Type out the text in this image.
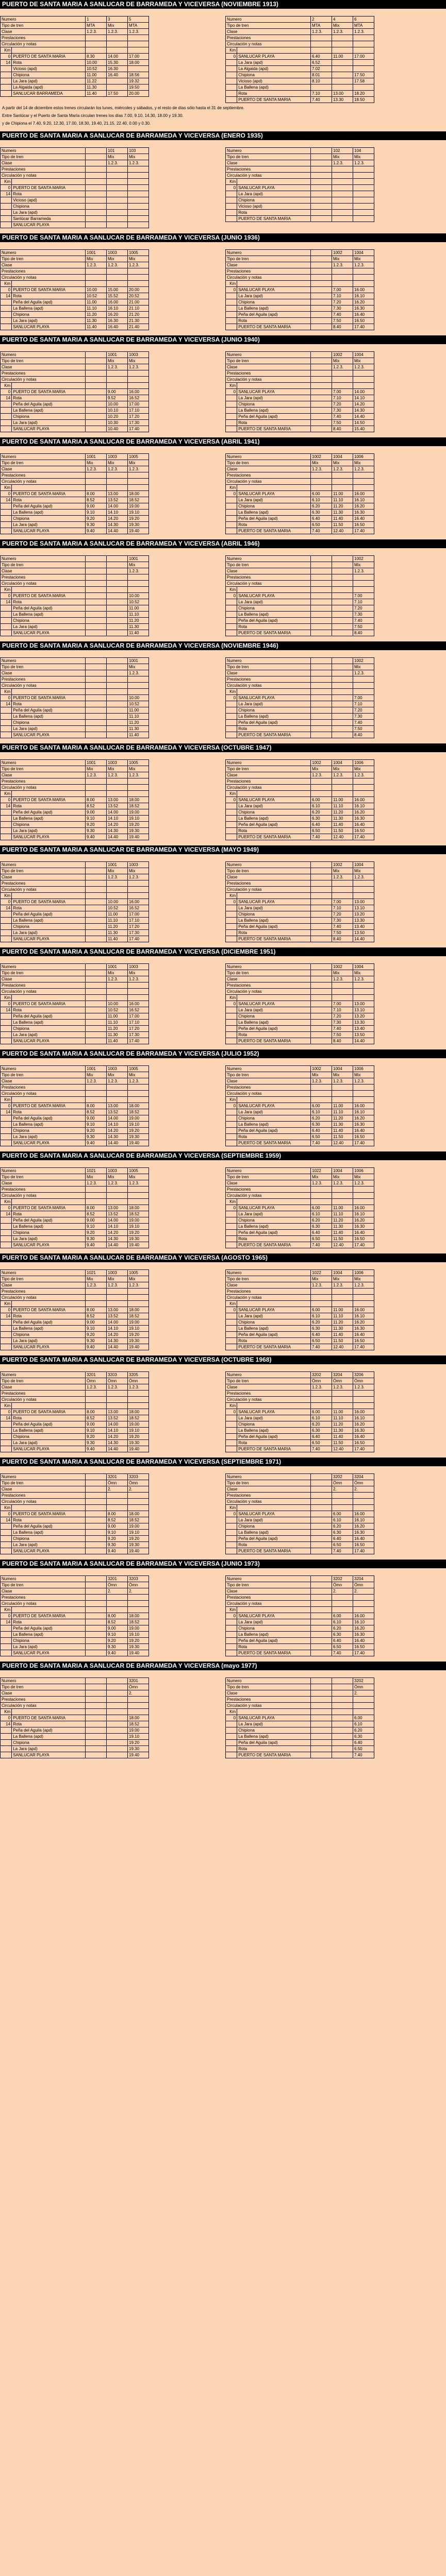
PUERTO DE SANTA MARIA A SANLUCAR DE BARRAMEDA Y VICEVERSA (NOVIEMBRE 1913)
Numero		1	3	5
Tipo de tren		MTA	Mix	MTA
Clase		1.2.3.	1.2.3.	1.2.3.
Prestaciones				
Circulación y notas				
Km				
0	PUERTO DE SANTA MARIA	8.30	14.00	17.00
14	Rota	10.00	15.30	18.00
	Vicioso (apd)	10.52	16.30	
	Chipiona	11.00	16.40	18.56
	La Jara (apd)	11.22		19.32
	La Algaida (apd)	11.30		19.50
	SANLUCAR BARRAMEDA	11.40	17.50	20.00
Numero		2	4	6
Tipo de tren		MTA	Mix	MTA
Clase		1.2.3.	1.2.3.	1.2.3.
Prestaciones				
Circulación y notas				
Km				
0	SANLUCAR PLAYA	6.40	11.00	17.00
	La Jara (apd)	6.52		
	La Algaida (apd)	7.02		
	Chipiona	8.01		17.50
	Vicioso (apd)	8.10		17.58
	La Ballena (apd)			
	Rota	7.10	13.00	18.20
	PUERTO DE SANTA MARIA	7.40	13.30	18.50
A partir del 14 de diciembre estos trenes circularán los lunes, miércoles y sábados, y el resto de días sólo hasta el 31 de septiembre.
Entre Sanlúcar y el Puerto de Santa María circulan trenes los días 7.00, 9.10, 14.30, 18.00 y 19.30.
y de Chipiona el 7.40, 9.20, 12.30, 17.00, 18.30, 19.40, 21.15, 22.40, 0.00 y 0.30.
PUERTO DE SANTA MARIA A SANLUCAR DE BARRAMEDA Y VICEVERSA (ENERO 1935)
Numero			101	103
Tipo de tren			Mix	Mix
Clase			1.2.3.	1.2.3.
Prestaciones				
Circulación y notas				
Km				
0	PUERTO DE SANTA MARIA			
14	Rota			
	Vicioso (apd)			
	Chipiona			
	La Jara (apd)			
	Sanlúcar Barrameda			
	SANLUCAR PLAYA			
Numero			102	104
Tipo de tren			Mix	Mix
Clase			1.2.3.	1.2.3.
Prestaciones				
Circulación y notas				
Km				
0	SANLUCAR PLAYA			
	La Jara (apd)			
	Chipiona			
	Vicioso (apd)			
	Rota			
	PUERTO DE SANTA MARIA			
PUERTO DE SANTA MARIA A SANLUCAR DE BARRAMEDA Y VICEVERSA (JUNIO 1936)
Numero		1001	1003	1005
Tipo de tren		Mix	Mix	Mix
Clase		1.2.3.	1.2.3.	1.2.3.
Prestaciones				
Circulación y notas				
Km				
0	PUERTO DE SANTA MARIA	10.00	15.00	20.00
14	Rota	10.52	15.52	20.52
	Peña del Aguila (apd)	11.00	16.00	21.00
	La Ballena (apd)	11.10	16.10	21.10
	Chipiona	11.20	16.20	21.20
	La Jara (apd)	11.30	16.30	21.30
	SANLUCAR PLAYA	11.40	16.40	21.40
Numero			1002	1004
Tipo de tren			Mix	Mix
Clase			1.2.3.	1.2.3.
Prestaciones				
Circulación y notas				
Km				
0	SANLUCAR PLAYA		7.00	16.00
	La Jara (apd)		7.10	16.10
	Chipiona		7.20	16.20
	La Ballena (apd)		7.30	16.30
	Peña del Aguila (apd)		7.40	16.40
	Rota		7.50	16.50
	PUERTO DE SANTA MARIA		8.40	17.40
PUERTO DE SANTA MARIA A SANLUCAR DE BARRAMEDA Y VICEVERSA (JUNIO 1940)
Numero			1001	1003
Tipo de tren			Mix	Mix
Clase			1.2.3.	1.2.3.
Prestaciones				
Circulación y notas				
Km				
0	PUERTO DE SANTA MARIA		9.00	16.00
14	Rota		9.52	16.52
	Peña del Aguila (apd)		10.00	17.00
	La Ballena (apd)		10.10	17.10
	Chipiona		10.20	17.20
	La Jara (apd)		10.30	17.30
	SANLUCAR PLAYA		10.40	17.40
Numero			1002	1004
Tipo de tren			Mix	Mix
Clase			1.2.3.	1.2.3.
Prestaciones				
Circulación y notas				
Km				
0	SANLUCAR PLAYA		7.00	14.00
	La Jara (apd)		7.10	14.10
	Chipiona		7.20	14.20
	La Ballena (apd)		7.30	14.30
	Peña del Aguila (apd)		7.40	14.40
	Rota		7.50	14.50
	PUERTO DE SANTA MARIA		8.40	15.40
PUERTO DE SANTA MARIA A SANLUCAR DE BARRAMEDA Y VICEVERSA (ABRIL 1941)
Numero		1001	1003	1005
Tipo de tren		Mix	Mix	Mix
Clase		1.2.3.	1.2.3.	1.2.3.
Prestaciones				
Circulación y notas				
Km				
0	PUERTO DE SANTA MARIA	8.00	13.00	18.00
14	Rota	8.52	13.52	18.52
	Peña del Aguila (apd)	9.00	14.00	19.00
	La Ballena (apd)	9.10	14.10	19.10
	Chipiona	9.20	14.20	19.20
	La Jara (apd)	9.30	14.30	19.30
	SANLUCAR PLAYA	9.40	14.40	19.40
Numero		1002	1004	1006
Tipo de tren		Mix	Mix	Mix
Clase		1.2.3.	1.2.3.	1.2.3.
Prestaciones				
Circulación y notas				
Km				
0	SANLUCAR PLAYA	6.00	11.00	16.00
	La Jara (apd)	6.10	11.10	16.10
	Chipiona	6.20	11.20	16.20
	La Ballena (apd)	6.30	11.30	16.30
	Peña del Aguila (apd)	6.40	11.40	16.40
	Rota	6.50	11.50	16.50
	PUERTO DE SANTA MARIA	7.40	12.40	17.40
PUERTO DE SANTA MARIA A SANLUCAR DE BARRAMEDA Y VICEVERSA (ABRIL 1946)
Numero				1001
Tipo de tren				Mix
Clase				1.2.3.
Prestaciones				
Circulación y notas				
Km				
0	PUERTO DE SANTA MARIA			10.00
14	Rota			10.52
	Peña del Aguila (apd)			11.00
	La Ballena (apd)			11.10
	Chipiona			11.20
	La Jara (apd)			11.30
	SANLUCAR PLAYA			11.40
Numero				1002
Tipo de tren				Mix
Clase				1.2.3.
Prestaciones				
Circulación y notas				
Km				
0	SANLUCAR PLAYA			7.00
	La Jara (apd)			7.10
	Chipiona			7.20
	La Ballena (apd)			7.30
	Peña del Aguila (apd)			7.40
	Rota			7.50
	PUERTO DE SANTA MARIA			8.40
PUERTO DE SANTA MARIA A SANLUCAR DE BARRAMEDA Y VICEVERSA (NOVIEMBRE 1946)
Numero				1001
Tipo de tren				Mix
Clase				1.2.3.
Prestaciones				
Circulación y notas				
Km				
0	PUERTO DE SANTA MARIA			10.00
14	Rota			10.52
	Peña del Aguila (apd)			11.00
	La Ballena (apd)			11.10
	Chipiona			11.20
	La Jara (apd)			11.30
	SANLUCAR PLAYA			11.40
Numero				1002
Tipo de tren				Mix
Clase				1.2.3.
Prestaciones				
Circulación y notas				
Km				
0	SANLUCAR PLAYA			7.00
	La Jara (apd)			7.10
	Chipiona			7.20
	La Ballena (apd)			7.30
	Peña del Aguila (apd)			7.40
	Rota			7.50
	PUERTO DE SANTA MARIA			8.40
PUERTO DE SANTA MARIA A SANLUCAR DE BARRAMEDA Y VICEVERSA (OCTUBRE 1947)
Numero		1001	1003	1005
Tipo de tren		Mix	Mix	Mix
Clase		1.2.3.	1.2.3.	1.2.3.
Prestaciones				
Circulación y notas				
Km				
0	PUERTO DE SANTA MARIA	8.00	13.00	18.00
14	Rota	8.52	13.52	18.52
	Peña del Aguila (apd)	9.00	14.00	19.00
	La Ballena (apd)	9.10	14.10	19.10
	Chipiona	9.20	14.20	19.20
	La Jara (apd)	9.30	14.30	19.30
	SANLUCAR PLAYA	9.40	14.40	19.40
Numero		1002	1004	1006
Tipo de tren		Mix	Mix	Mix
Clase		1.2.3.	1.2.3.	1.2.3.
Prestaciones				
Circulación y notas				
Km				
0	SANLUCAR PLAYA	6.00	11.00	16.00
	La Jara (apd)	6.10	11.10	16.10
	Chipiona	6.20	11.20	16.20
	La Ballena (apd)	6.30	11.30	16.30
	Peña del Aguila (apd)	6.40	11.40	16.40
	Rota	6.50	11.50	16.50
	PUERTO DE SANTA MARIA	7.40	12.40	17.40
PUERTO DE SANTA MARIA A SANLUCAR DE BARRAMEDA Y VICEVERSA (MAYO 1949)
Numero			1001	1003
Tipo de tren			Mix	Mix
Clase			1.2.3.	1.2.3.
Prestaciones				
Circulación y notas				
Km				
0	PUERTO DE SANTA MARIA		10.00	16.00
14	Rota		10.52	16.52
	Peña del Aguila (apd)		11.00	17.00
	La Ballena (apd)		11.10	17.10
	Chipiona		11.20	17.20
	La Jara (apd)		11.30	17.30
	SANLUCAR PLAYA		11.40	17.40
Numero			1002	1004
Tipo de tren			Mix	Mix
Clase			1.2.3.	1.2.3.
Prestaciones				
Circulación y notas				
Km				
0	SANLUCAR PLAYA		7.00	13.00
	La Jara (apd)		7.10	13.10
	Chipiona		7.20	13.20
	La Ballena (apd)		7.30	13.30
	Peña del Aguila (apd)		7.40	13.40
	Rota		7.50	13.50
	PUERTO DE SANTA MARIA		8.40	14.40
PUERTO DE SANTA MARIA A SANLUCAR DE BARRAMEDA Y VICEVERSA (DICIEMBRE 1951)
Numero			1001	1003
Tipo de tren			Mix	Mix
Clase			1.2.3.	1.2.3.
Prestaciones				
Circulación y notas				
Km				
0	PUERTO DE SANTA MARIA		10.00	16.00
14	Rota		10.52	16.52
	Peña del Aguila (apd)		11.00	17.00
	La Ballena (apd)		11.10	17.10
	Chipiona		11.20	17.20
	La Jara (apd)		11.30	17.30
	SANLUCAR PLAYA		11.40	17.40
Numero			1002	1004
Tipo de tren			Mix	Mix
Clase			1.2.3.	1.2.3.
Prestaciones				
Circulación y notas				
Km				
0	SANLUCAR PLAYA		7.00	13.00
	La Jara (apd)		7.10	13.10
	Chipiona		7.20	13.20
	La Ballena (apd)		7.30	13.30
	Peña del Aguila (apd)		7.40	13.40
	Rota		7.50	13.50
	PUERTO DE SANTA MARIA		8.40	14.40
PUERTO DE SANTA MARIA A SANLUCAR DE BARRAMEDA Y VICEVERSA (JULIO 1952)
Numero		1001	1003	1005
Tipo de tren		Mix	Mix	Mix
Clase		1.2.3.	1.2.3.	1.2.3.
Prestaciones				
Circulación y notas				
Km				
0	PUERTO DE SANTA MARIA	8.00	13.00	18.00
14	Rota	8.52	13.52	18.52
	Peña del Aguila (apd)	9.00	14.00	19.00
	La Ballena (apd)	9.10	14.10	19.10
	Chipiona	9.20	14.20	19.20
	La Jara (apd)	9.30	14.30	19.30
	SANLUCAR PLAYA	9.40	14.40	19.40
Numero		1002	1004	1006
Tipo de tren		Mix	Mix	Mix
Clase		1.2.3.	1.2.3.	1.2.3.
Prestaciones				
Circulación y notas				
Km				
0	SANLUCAR PLAYA	6.00	11.00	16.00
	La Jara (apd)	6.10	11.10	16.10
	Chipiona	6.20	11.20	16.20
	La Ballena (apd)	6.30	11.30	16.30
	Peña del Aguila (apd)	6.40	11.40	16.40
	Rota	6.50	11.50	16.50
	PUERTO DE SANTA MARIA	7.40	12.40	17.40
PUERTO DE SANTA MARIA A SANLUCAR DE BARRAMEDA Y VICEVERSA (SEPTIEMBRE 1959)
Numero		1021	1003	1005
Tipo de tren		Mix	Mix	Mix
Clase		1.2.3.	1.2.3.	1.2.3.
Prestaciones				
Circulación y notas				
Km				
0	PUERTO DE SANTA MARIA	8.00	13.00	18.00
14	Rota	8.52	13.52	18.52
	Peña del Aguila (apd)	9.00	14.00	19.00
	La Ballena (apd)	9.10	14.10	19.10
	Chipiona	9.20	14.20	19.20
	La Jara (apd)	9.30	14.30	19.30
	SANLUCAR PLAYA	9.40	14.40	19.40
Numero		1022	1004	1006
Tipo de tren		Mix	Mix	Mix
Clase		1.2.3.	1.2.3.	1.2.3.
Prestaciones				
Circulación y notas				
Km				
0	SANLUCAR PLAYA	6.00	11.00	16.00
	La Jara (apd)	6.10	11.10	16.10
	Chipiona	6.20	11.20	16.20
	La Ballena (apd)	6.30	11.30	16.30
	Peña del Aguila (apd)	6.40	11.40	16.40
	Rota	6.50	11.50	16.50
	PUERTO DE SANTA MARIA	7.40	12.40	17.40
PUERTO DE SANTA MARIA A SANLUCAR DE BARRAMEDA Y VICEVERSA (AGOSTO 1965)
Numero		1021	1003	1005
Tipo de tren		Mix	Mix	Mix
Clase		1.2.3.	1.2.3.	1.2.3.
Prestaciones				
Circulación y notas				
Km				
0	PUERTO DE SANTA MARIA	8.00	13.00	18.00
14	Rota	8.52	13.52	18.52
	Peña del Aguila (apd)	9.00	14.00	19.00
	La Ballena (apd)	9.10	14.10	19.10
	Chipiona	9.20	14.20	19.20
	La Jara (apd)	9.30	14.30	19.30
	SANLUCAR PLAYA	9.40	14.40	19.40
Numero		1022	1004	1006
Tipo de tren		Mix	Mix	Mix
Clase		1.2.3.	1.2.3.	1.2.3.
Prestaciones				
Circulación y notas				
Km				
0	SANLUCAR PLAYA	6.00	11.00	16.00
	La Jara (apd)	6.10	11.10	16.10
	Chipiona	6.20	11.20	16.20
	La Ballena (apd)	6.30	11.30	16.30
	Peña del Aguila (apd)	6.40	11.40	16.40
	Rota	6.50	11.50	16.50
	PUERTO DE SANTA MARIA	7.40	12.40	17.40
PUERTO DE SANTA MARIA A SANLUCAR DE BARRAMEDA Y VICEVERSA (OCTUBRE 1968)
Numero		3201	3203	3205
Tipo de tren		Ómn	Ómn	Ómn
Clase		1.2.3.	1.2.3.	1.2.3.
Prestaciones				
Circulación y notas				
Km				
0	PUERTO DE SANTA MARIA	8.00	13.00	18.00
14	Rota	8.52	13.52	18.52
	Peña del Aguila (apd)	9.00	14.00	19.00
	La Ballena (apd)	9.10	14.10	19.10
	Chipiona	9.20	14.20	19.20
	La Jara (apd)	9.30	14.30	19.30
	SANLUCAR PLAYA	9.40	14.40	19.40
Numero		3202	3204	3206
Tipo de tren		Ómn	Ómn	Ómn
Clase		1.2.3.	1.2.3.	1.2.3.
Prestaciones				
Circulación y notas				
Km				
0	SANLUCAR PLAYA	6.00	11.00	16.00
	La Jara (apd)	6.10	11.10	16.10
	Chipiona	6.20	11.20	16.20
	La Ballena (apd)	6.30	11.30	16.30
	Peña del Aguila (apd)	6.40	11.40	16.40
	Rota	6.50	11.50	16.50
	PUERTO DE SANTA MARIA	7.40	12.40	17.40
PUERTO DE SANTA MARIA A SANLUCAR DE BARRAMEDA Y VICEVERSA (SEPTIEMBRE 1971)
Numero			3201	3203
Tipo de tren			Ómn	Ómn
Clase			2.	2.
Prestaciones				
Circulación y notas				
Km				
0	PUERTO DE SANTA MARIA		8.00	18.00
14	Rota		8.52	18.52
	Peña del Aguila (apd)		9.00	19.00
	La Ballena (apd)		9.10	19.10
	Chipiona		9.20	19.20
	La Jara (apd)		9.30	19.30
	SANLUCAR PLAYA		9.40	19.40
Numero			3202	3204
Tipo de tren			Ómn	Ómn
Clase			2.	2.
Prestaciones				
Circulación y notas				
Km				
0	SANLUCAR PLAYA		6.00	16.00
	La Jara (apd)		6.10	16.10
	Chipiona		6.20	16.20
	La Ballena (apd)		6.30	16.30
	Peña del Aguila (apd)		6.40	16.40
	Rota		6.50	16.50
	PUERTO DE SANTA MARIA		7.40	17.40
PUERTO DE SANTA MARIA A SANLUCAR DE BARRAMEDA Y VICEVERSA (JUNIO 1973)
Numero			3201	3203
Tipo de tren			Ómn	Ómn
Clase			2.	2.
Prestaciones				
Circulación y notas				
Km				
0	PUERTO DE SANTA MARIA		8.00	18.00
14	Rota		8.52	18.52
	Peña del Aguila (apd)		9.00	19.00
	La Ballena (apd)		9.10	19.10
	Chipiona		9.20	19.20
	La Jara (apd)		9.30	19.30
	SANLUCAR PLAYA		9.40	19.40
Numero			3202	3204
Tipo de tren			Ómn	Ómn
Clase			2.	2.
Prestaciones				
Circulación y notas				
Km				
0	SANLUCAR PLAYA		6.00	16.00
	La Jara (apd)		6.10	16.10
	Chipiona		6.20	16.20
	La Ballena (apd)		6.30	16.30
	Peña del Aguila (apd)		6.40	16.40
	Rota		6.50	16.50
	PUERTO DE SANTA MARIA		7.40	17.40
PUERTO DE SANTA MARIA A SANLUCAR DE BARRAMEDA Y VICEVERSA (mayo 1977)
Numero				3201
Tipo de tren				Ómn
Clase				2.
Prestaciones				
Circulación y notas				
Km				
0	PUERTO DE SANTA MARIA			18.00
14	Rota			18.52
	Peña del Aguila (apd)			19.00
	La Ballena (apd)			19.10
	Chipiona			19.20
	La Jara (apd)			19.30
	SANLUCAR PLAYA			19.40
Numero				3202
Tipo de tren				Ómn
Clase				2.
Prestaciones				
Circulación y notas				
Km				
0	SANLUCAR PLAYA			6.00
	La Jara (apd)			6.10
	Chipiona			6.20
	La Ballena (apd)			6.30
	Peña del Aguila (apd)			6.40
	Rota			6.50
	PUERTO DE SANTA MARIA			7.40
